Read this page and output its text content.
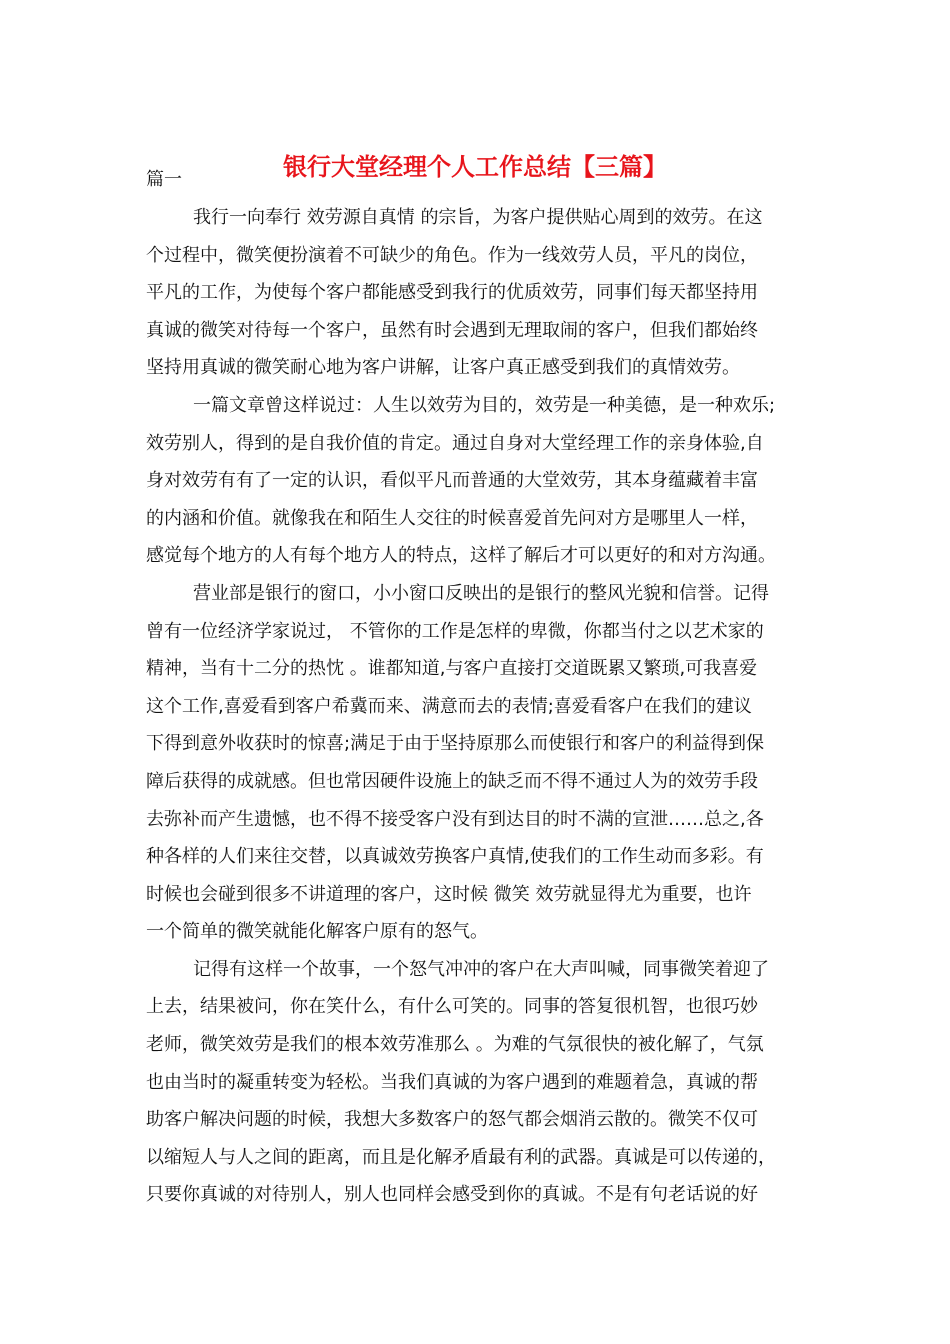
银行大堂经理个人工作总结【三篇】
篇一
我行一向奉行 效劳源自真情 的宗旨，为客户提供贴心周到的效劳。在这
个过程中，微笑便扮演着不可缺少的角色。作为一线效劳人员，平凡的岗位，
平凡的工作，为使每个客户都能感受到我行的优质效劳，同事们每天都坚持用
真诚的微笑对待每一个客户，虽然有时会遇到无理取闹的客户，但我们都始终
坚持用真诚的微笑耐心地为客户讲解，让客户真正感受到我们的真情效劳。
一篇文章曾这样说过：人生以效劳为目的，效劳是一种美德，是一种欢乐;
效劳别人，得到的是自我价值的肯定。通过自身对大堂经理工作的亲身体验,自
身对效劳有有了一定的认识，看似平凡而普通的大堂效劳，其本身蕴藏着丰富
的内涵和价值。就像我在和陌生人交往的时候喜爱首先问对方是哪里人一样，
感觉每个地方的人有每个地方人的特点，这样了解后才可以更好的和对方沟通。
营业部是银行的窗口，小小窗口反映出的是银行的整风光貌和信誉。记得
曾有一位经济学家说过， 不管你的工作是怎样的卑微，你都当付之以艺术家的
精神，当有十二分的热忱 。谁都知道,与客户直接打交道既累又繁琐,可我喜爱
这个工作,喜爱看到客户希冀而来、满意而去的表情;喜爱看客户在我们的建议
下得到意外收获时的惊喜;满足于由于坚持原那么而使银行和客户的利益得到保
障后获得的成就感。但也常因硬件设施上的缺乏而不得不通过人为的效劳手段
去弥补而产生遗憾，也不得不接受客户没有到达目的时不满的宣泄……总之,各
种各样的人们来往交替，以真诚效劳换客户真情,使我们的工作生动而多彩。有
时候也会碰到很多不讲道理的客户，这时候 微笑 效劳就显得尤为重要，也许
一个简单的微笑就能化解客户原有的怒气。
记得有这样一个故事，一个怒气冲冲的客户在大声叫喊，同事微笑着迎了
上去，结果被问，你在笑什么，有什么可笑的。同事的答复很机智，也很巧妙
老师，微笑效劳是我们的根本效劳准那么 。为难的气氛很快的被化解了，气氛
也由当时的凝重转变为轻松。当我们真诚的为客户遇到的难题着急，真诚的帮
助客户解决问题的时候，我想大多数客户的怒气都会烟消云散的。微笑不仅可
以缩短人与人之间的距离，而且是化解矛盾最有利的武器。真诚是可以传递的，
只要你真诚的对待别人，别人也同样会感受到你的真诚。不是有句老话说的好
